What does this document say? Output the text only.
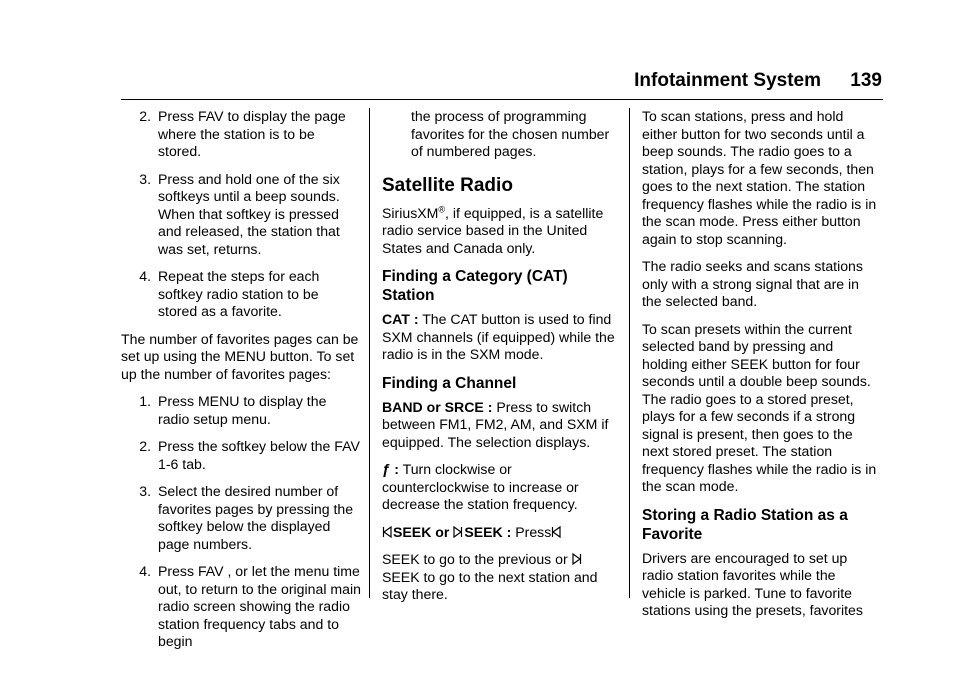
Infotainment System 139
2. Press FAV to display the page where the station is to be stored.
3. Press and hold one of the six softkeys until a beep sounds. When that softkey is pressed and released, the station that was set, returns.
4. Repeat the steps for each softkey radio station to be stored as a favorite.

The number of favorites pages can be set up using the MENU button. To set up the number of favorites pages:

1. Press MENU to display the radio setup menu.
2. Press the softkey below the FAV 1-6 tab.
3. Select the desired number of favorites pages by pressing the softkey below the displayed page numbers.
4. Press FAV , or let the menu time out, to return to the original main radio screen showing the radio station frequency tabs and to begin
the process of programming favorites for the chosen number of numbered pages.
Satellite Radio

SiriusXM®, if equipped, is a satellite radio service based in the United States and Canada only.

Finding a Category (CAT) Station

CAT : The CAT button is used to find SXM channels (if equipped) while the radio is in the SXM mode.

Finding a Channel

BAND or SRCE : Press to switch between FM1, FM2, AM, and SXM if equipped. The selection displays.

ƒ : Turn clockwise or counterclockwise to increase or decrease the station frequency.

SEEK or SEEK : Press

SEEK to go to the previous or
SEEK to go to the next station and stay there.

To scan stations, press and hold either button for two seconds until a beep sounds. The radio goes to a station, plays for a few seconds, then goes to the next station. The station frequency flashes while the radio is in the scan mode. Press either button again to stop scanning.

The radio seeks and scans stations only with a strong signal that are in the selected band.

To scan presets within the current selected band by pressing and holding either SEEK button for four seconds until a double beep sounds. The radio goes to a stored preset, plays for a few seconds if a strong signal is present, then goes to the next stored preset. The station frequency flashes while the radio is in the scan mode.

Storing a Radio Station as a Favorite

Drivers are encouraged to set up radio station favorites while the vehicle is parked. Tune to favorite stations using the presets, favorites
